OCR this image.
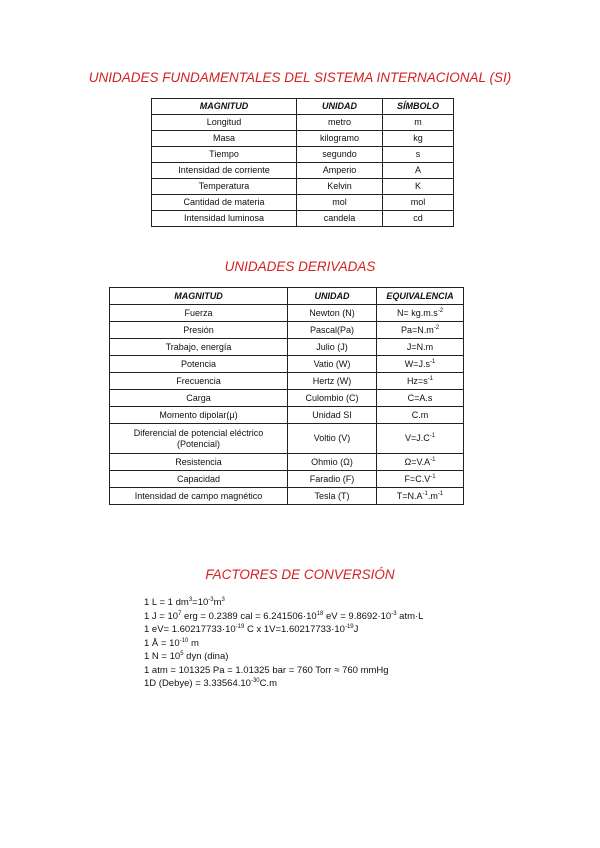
UNIDADES FUNDAMENTALES DEL SISTEMA INTERNACIONAL (SI)
MAGNITUD	UNIDAD	SÍMBOLO
Longitud	metro	m
Masa	kilogramo	kg
Tiempo	segundo	s
Intensidad de corriente	Amperio	A
Temperatura	Kelvin	K
Cantidad de materia	mol	mol
Intensidad luminosa	candela	cd
UNIDADES DERIVADAS
MAGNITUD	UNIDAD	EQUIVALENCIA
Fuerza	Newton (N)	$N= kg.m.s^{-2}$
Presión	Pascal(Pa)	$Pa=N.m^{-2}$
Trabajo, energía	Julio (J)	J=N.m
Potencia	Vatio (W)	$W=J.s^{-1}$
Frecuencia	Hertz (W)	$Hz=s^{-1}$
Carga	Culombio (C)	C=A.s
Momento dipolar(μ)	Unidad SI	C.m
Diferencial de potencial eléctrico (Potencial)	Voltio (V)	$V=J.C^{-1}$
Resistencia	Ohmio (Ω)	$\Omega=V.A^{-1}$
Capacidad	Faradio (F)	$F=C.V^{-1}$
Intensidad de campo magnético	Tesla (T)	$T=N.A^{-1}.m^{-1}$
FACTORES DE CONVERSIÓN
1 L = 1 $dm^3=10^{-3}m^3$
1 $J = 10^7$ erg = 0.2389 cal = $6.241506\cdot 10^{18}$ eV = $9.8692\cdot 10^{-3}$ atm·L
1 $eV= 1.60217733\cdot 10^{-19}$ C x $1V=1.60217733\cdot 10^{-19}J$
1 Å = $10^{-10}$ m
1 $N = 10^5$ dyn (dina)
1 atm = 101325 Pa = 1.01325 bar = 760 Torr ≈ 760 mmHg
1D (Debye) = $3.33564.10^{-30}C.m$
